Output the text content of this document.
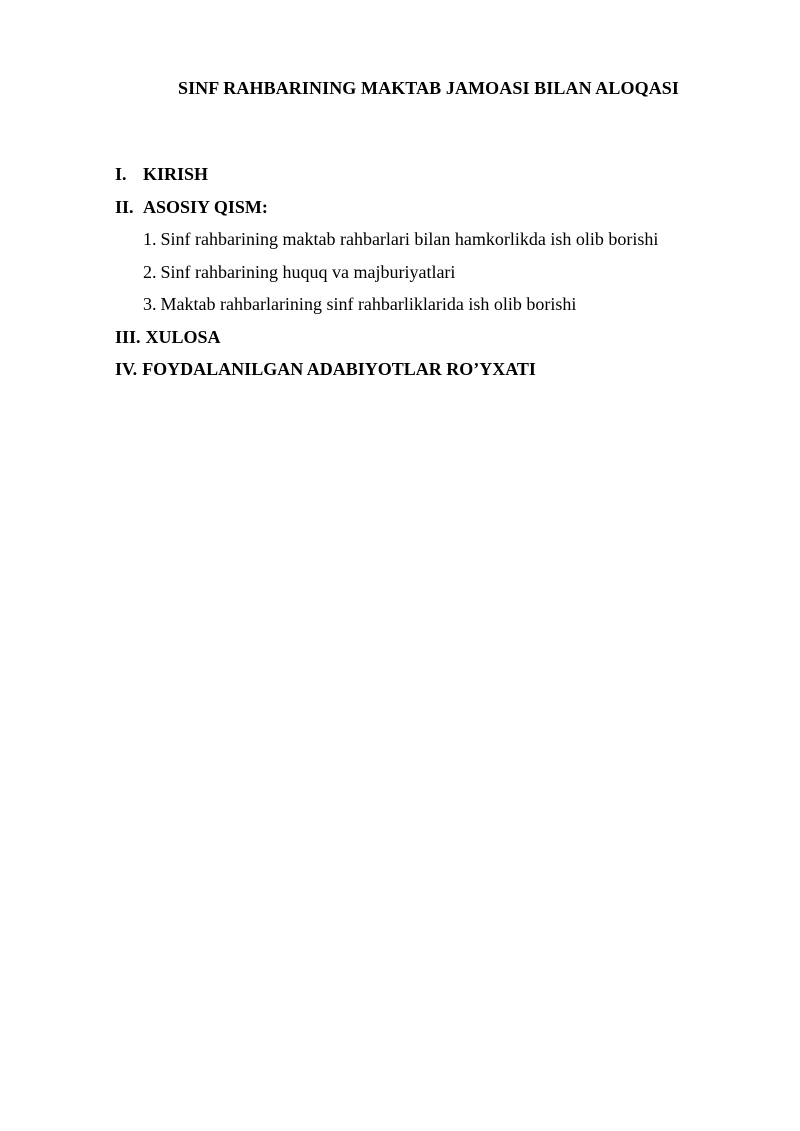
SINF RAHBARINING MAKTAB JAMOASI BILAN ALOQASI
I. KIRISH
II. ASOSIY QISM:
1. Sinf rahbarining maktab rahbarlari bilan hamkorlikda ish olib borishi
2. Sinf rahbarining huquq va majburiyatlari
3. Maktab rahbarlarining sinf rahbarliklarida ish olib borishi
III. XULOSA
IV. FOYDALANILGAN ADABIYOTLAR RO’YXATI
